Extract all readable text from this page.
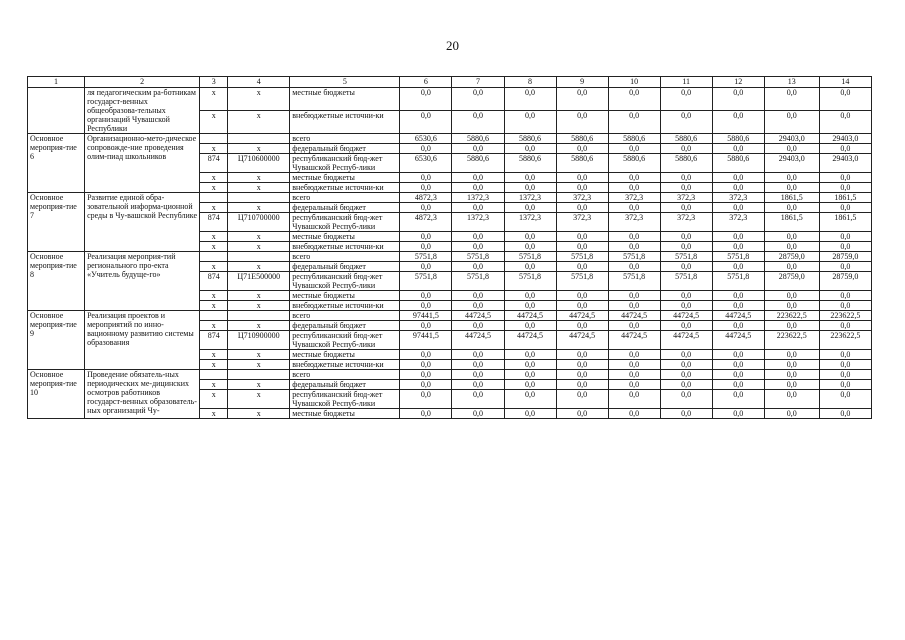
20
1	2	3	4	5	6	7	8	9	10	11	12	13	14
	ля педагогическим ра-ботникам государст-венных общеобразова-тельных организаций Чувашской Республики	х	х	местные бюджеты	0,0	0,0	0,0	0,0	0,0	0,0	0,0	0,0	0,0
		х	х	внебюджетные источни-ки	0,0	0,0	0,0	0,0	0,0	0,0	0,0	0,0	0,0
Основное мероприя-тие 6	Организационно-мето-дическое сопровожде-ние проведения олим-пиад школьников			всего	6530,6	5880,6	5880,6	5880,6	5880,6	5880,6	5880,6	29403,0	29403,0
		х	х	федеральный бюджет	0,0	0,0	0,0	0,0	0,0	0,0	0,0	0,0	0,0
		874	Ц710600000	республиканский бюд-жет Чувашской Респуб-лики	6530,6	5880,6	5880,6	5880,6	5880,6	5880,6	5880,6	29403,0	29403,0
		х	х	местные бюджеты	0,0	0,0	0,0	0,0	0,0	0,0	0,0	0,0	0,0
		х	х	внебюджетные источни-ки	0,0	0,0	0,0	0,0	0,0	0,0	0,0	0,0	0,0
Основное мероприя-тие 7	Развитие единой обра-зовательной информа-ционной среды в Чу-вашской Республике			всего	4872,3	1372,3	1372,3	372,3	372,3	372,3	372,3	1861,5	1861,5
		х	х	федеральный бюджет	0,0	0,0	0,0	0,0	0,0	0,0	0,0	0,0	0,0
		874	Ц710700000	республиканский бюд-жет Чувашской Респуб-лики	4872,3	1372,3	1372,3	372,3	372,3	372,3	372,3	1861,5	1861,5
		х	х	местные бюджеты	0,0	0,0	0,0	0,0	0,0	0,0	0,0	0,0	0,0
		х	х	внебюджетные источни-ки	0,0	0,0	0,0	0,0	0,0	0,0	0,0	0,0	0,0
Основное мероприя-тие 8	Реализация мероприя-тий регионального про-екта «Учитель будуще-го»			всего	5751,8	5751,8	5751,8	5751,8	5751,8	5751,8	5751,8	28759,0	28759,0
		х	х	федеральный бюджет	0,0	0,0	0,0	0,0	0,0	0,0	0,0	0,0	0,0
		874	Ц71Е500000	республиканский бюд-жет Чувашской Респуб-лики	5751,8	5751,8	5751,8	5751,8	5751,8	5751,8	5751,8	28759,0	28759,0
		х	х	местные бюджеты	0,0	0,0	0,0	0,0	0,0	0,0	0,0	0,0	0,0
		х	х	внебюджетные источни-ки	0,0	0,0	0,0	0,0	0,0	0,0	0,0	0,0	0,0
Основное мероприя-тие 9	Реализация проектов и мероприятий по инно-вационному развитию системы образования			всего	97441,5	44724,5	44724,5	44724,5	44724,5	44724,5	44724,5	223622,5	223622,5
		х	х	федеральный бюджет	0,0	0,0	0,0	0,0	0,0	0,0	0,0	0,0	0,0
		874	Ц710900000	республиканский бюд-жет Чувашской Респуб-лики	97441,5	44724,5	44724,5	44724,5	44724,5	44724,5	44724,5	223622,5	223622,5
		х	х	местные бюджеты	0,0	0,0	0,0	0,0	0,0	0,0	0,0	0,0	0,0
		х	х	внебюджетные источни-ки	0,0	0,0	0,0	0,0	0,0	0,0	0,0	0,0	0,0
Основное мероприя-тие 10	Проведение обязатель-ных периодических ме-дицинских осмотров работников государст-венных образователь-ных организаций Чу-			всего	0,0	0,0	0,0	0,0	0,0	0,0	0,0	0,0	0,0
		х	х	федеральный бюджет	0,0	0,0	0,0	0,0	0,0	0,0	0,0	0,0	0,0
		х	х	республиканский бюд-жет Чувашской Респуб-лики	0,0	0,0	0,0	0,0	0,0	0,0	0,0	0,0	0,0
		х	х	местные бюджеты	0,0	0,0	0,0	0,0	0,0	0,0	0,0	0,0	0,0
